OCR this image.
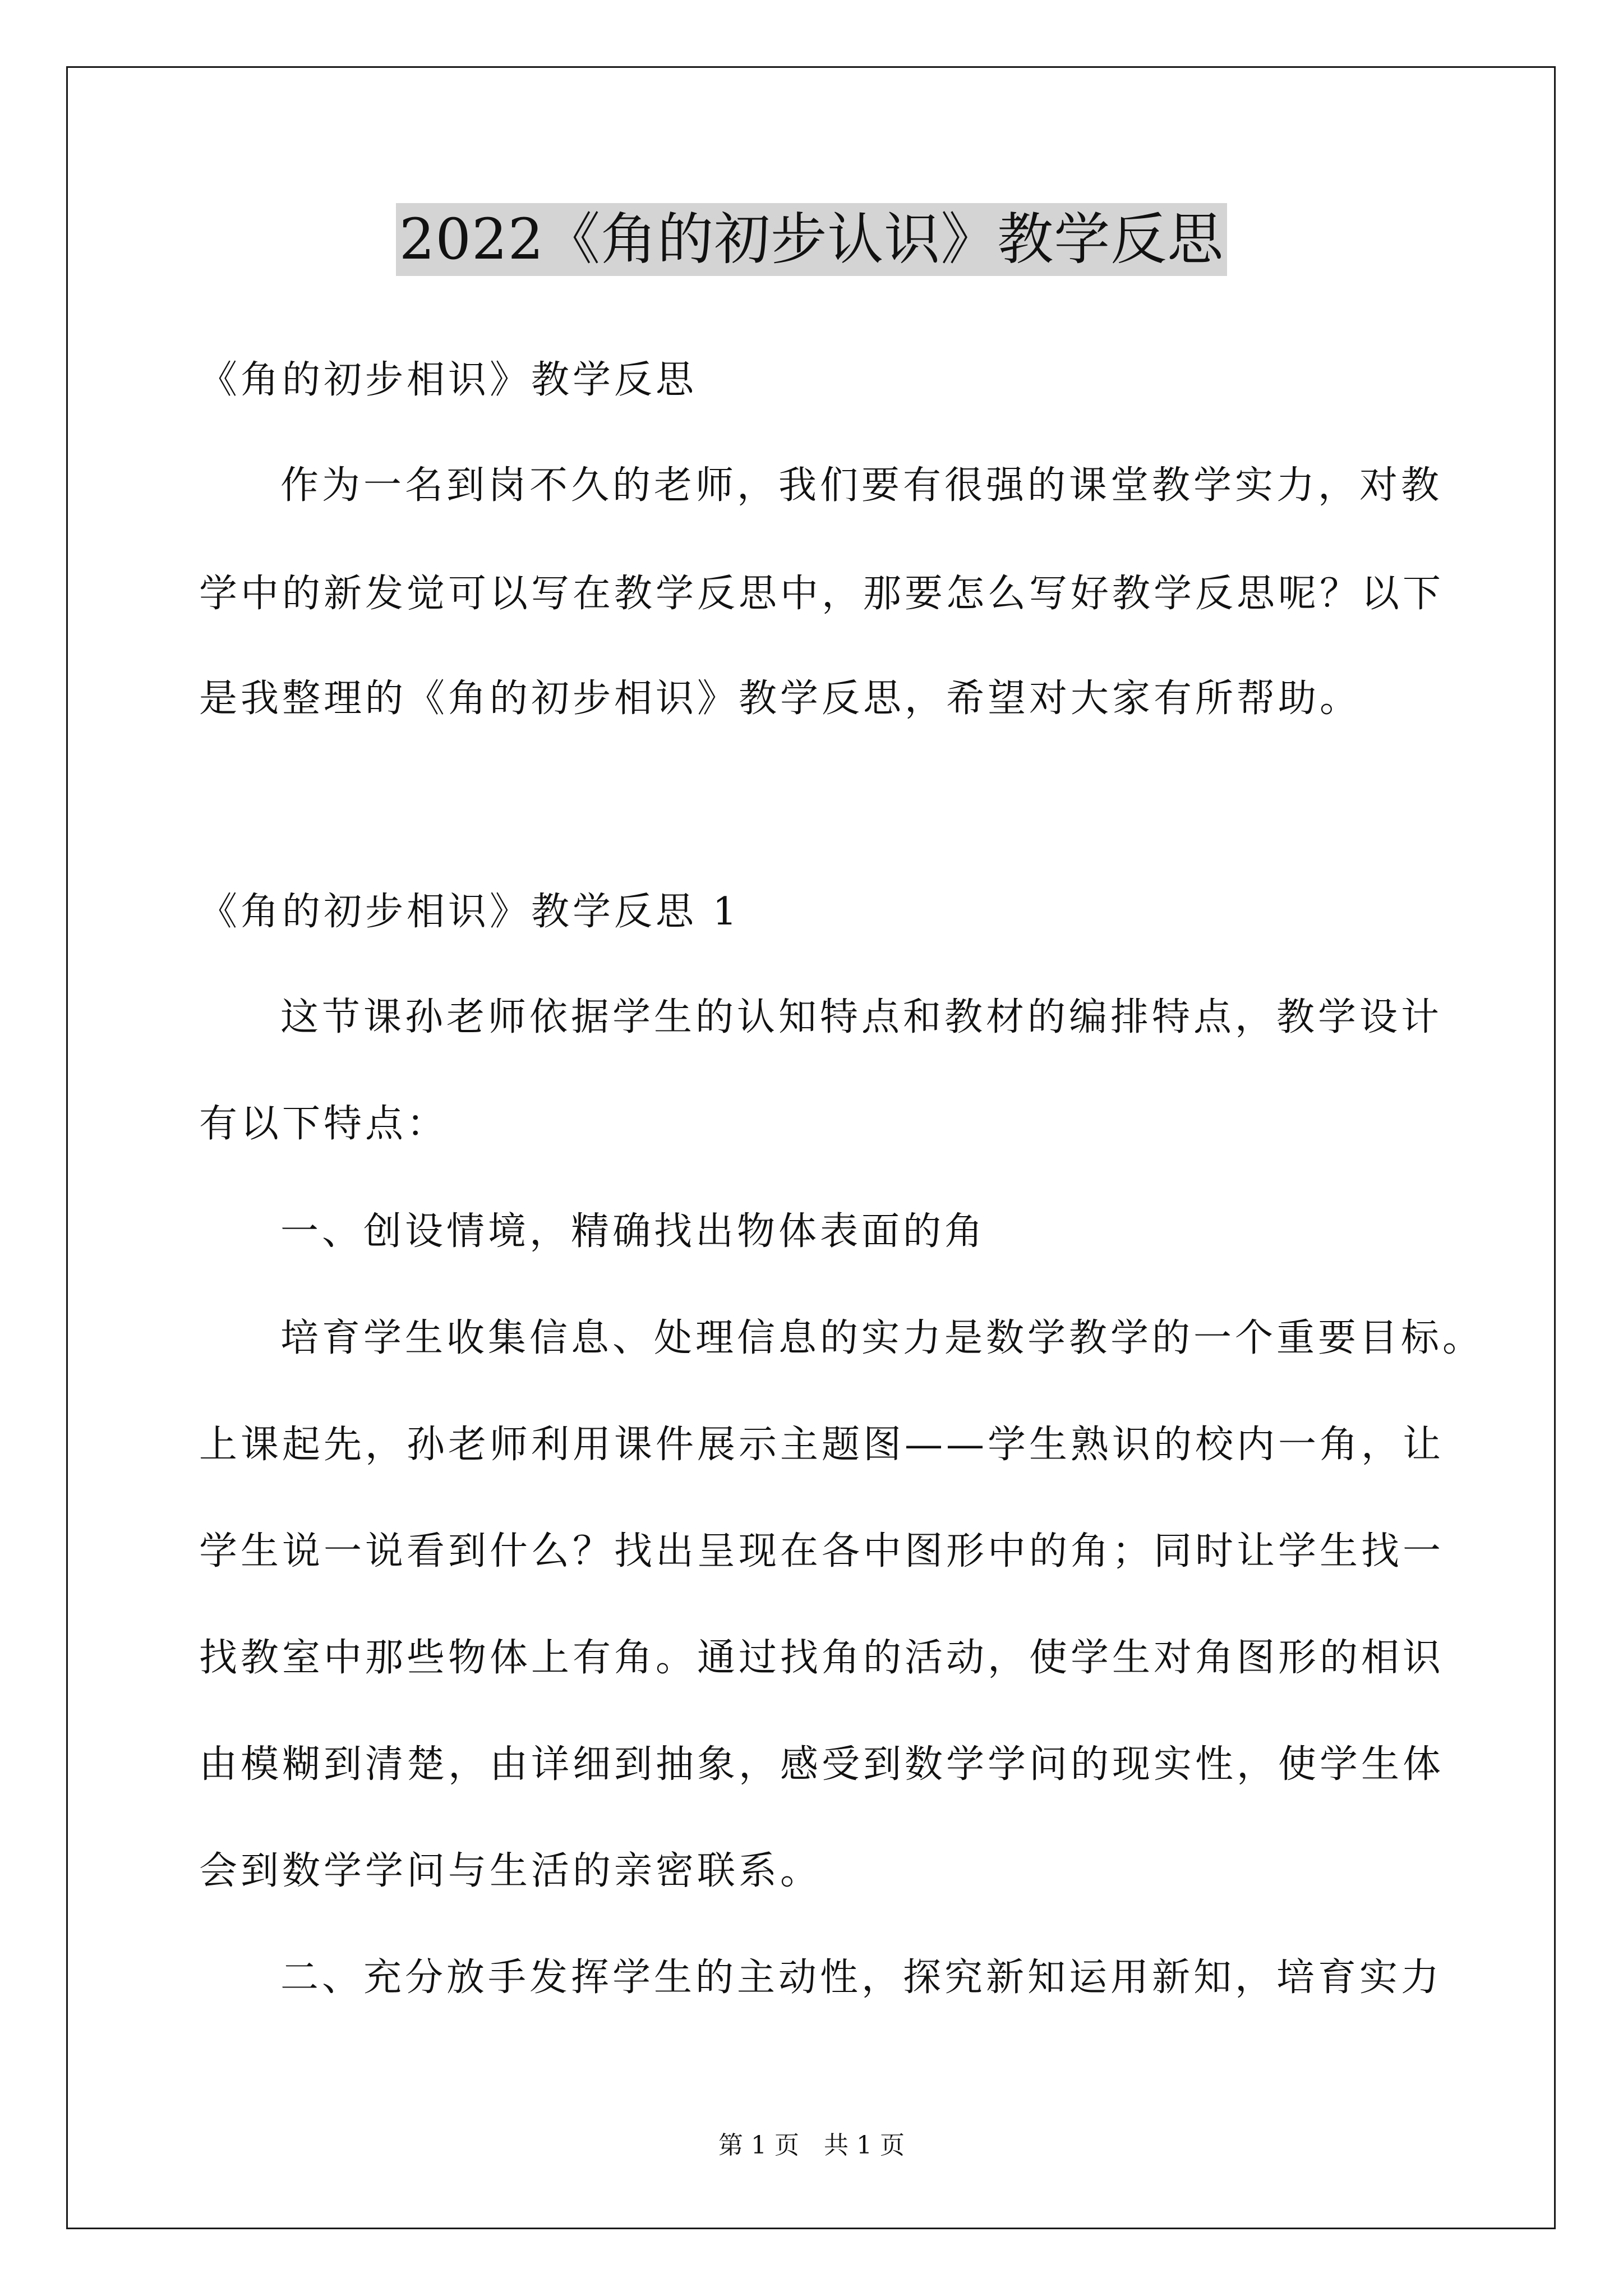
2022《角的初步认识》教学反思
《角的初步相识》教学反思
作为一名到岗不久的老师，我们要有很强的课堂教学实力，对教
学中的新发觉可以写在教学反思中，那要怎么写好教学反思呢？以下
是我整理的《角的初步相识》教学反思，希望对大家有所帮助。
《角的初步相识》教学反思 1
这节课孙老师依据学生的认知特点和教材的编排特点，教学设计
有以下特点：
一、创设情境，精确找出物体表面的角
培育学生收集信息、处理信息的实力是数学教学的一个重要目标。
上课起先，孙老师利用课件展示主题图——学生熟识的校内一角，让
学生说一说看到什么？找出呈现在各中图形中的角；同时让学生找一
找教室中那些物体上有角。通过找角的活动，使学生对角图形的相识
由模糊到清楚，由详细到抽象，感受到数学学问的现实性，使学生体
会到数学学问与生活的亲密联系。
二、充分放手发挥学生的主动性，探究新知运用新知，培育实力
第 1 页　共 1 页
